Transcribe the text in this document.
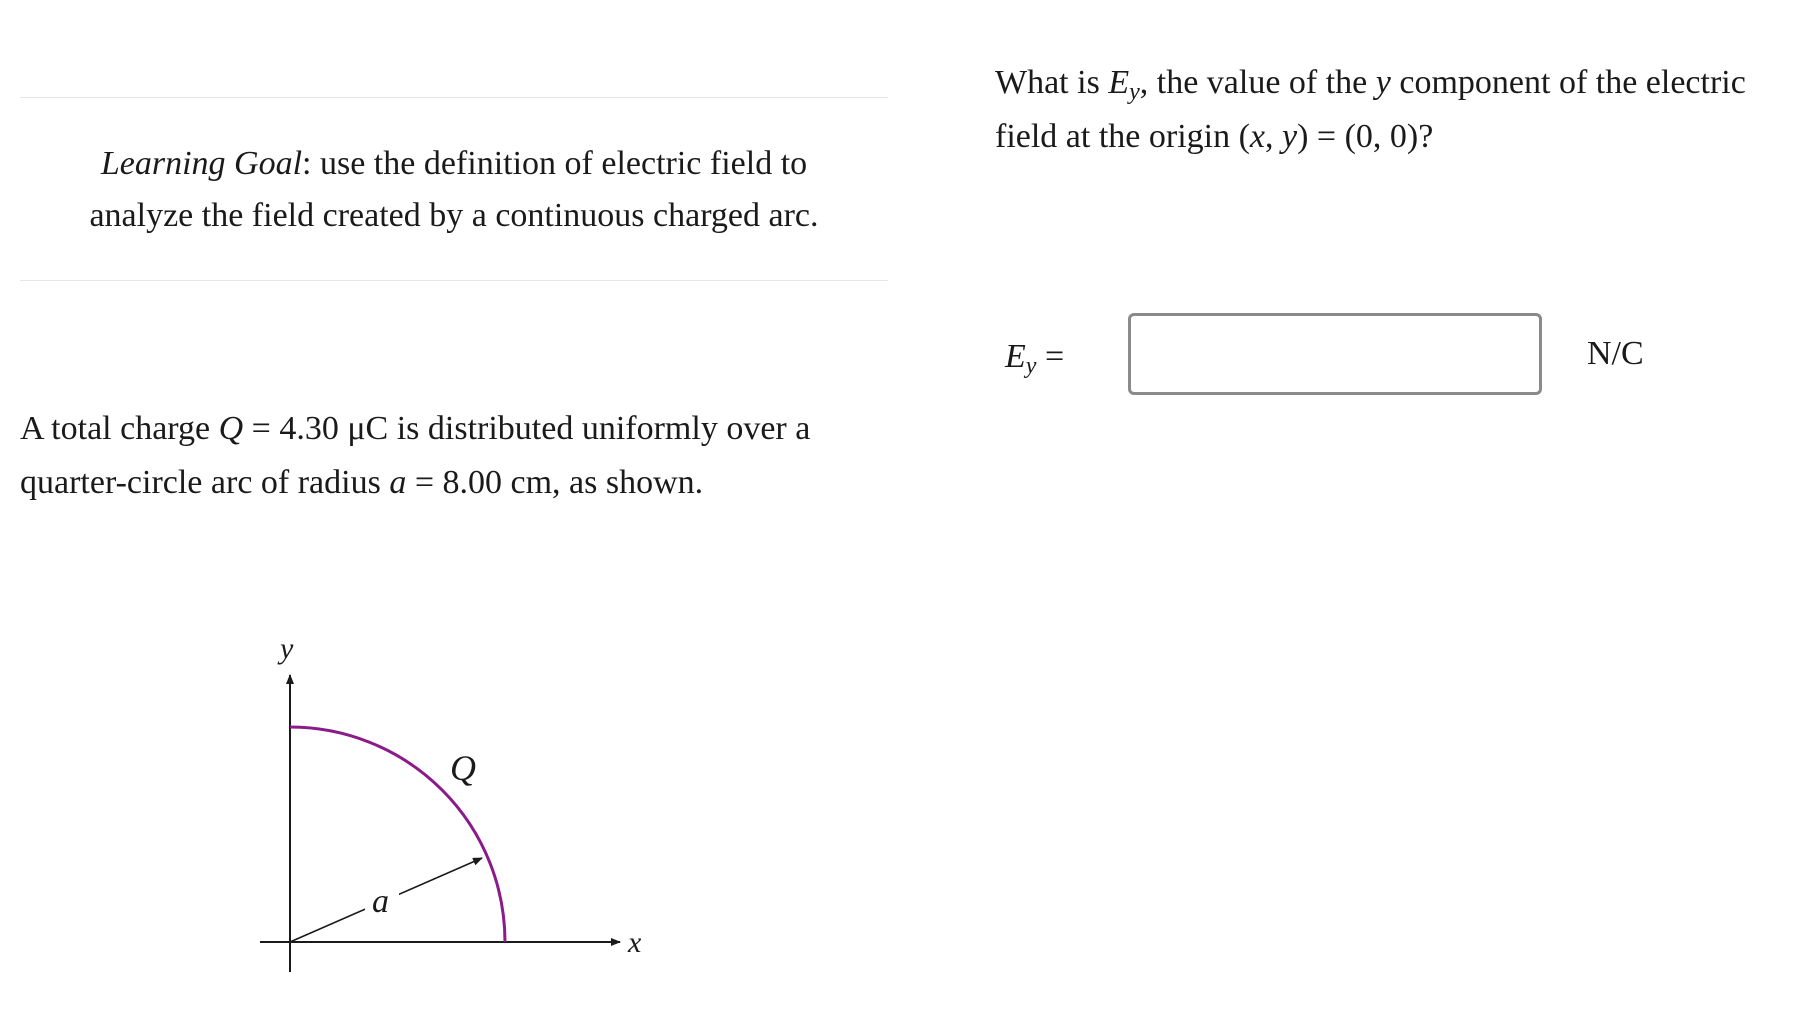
Learning Goal: use the definition of electric field to
analyze the field created by a continuous charged arc.
A total charge Q = 4.30 μC is distributed uniformly over a
quarter-circle arc of radius a = 8.00 cm, as shown.
y
x
Q
a
What is $E_y$, the value of the y component of the electric
field at the origin (x, y) = (0, 0)?
$E_y$ =	N/C
